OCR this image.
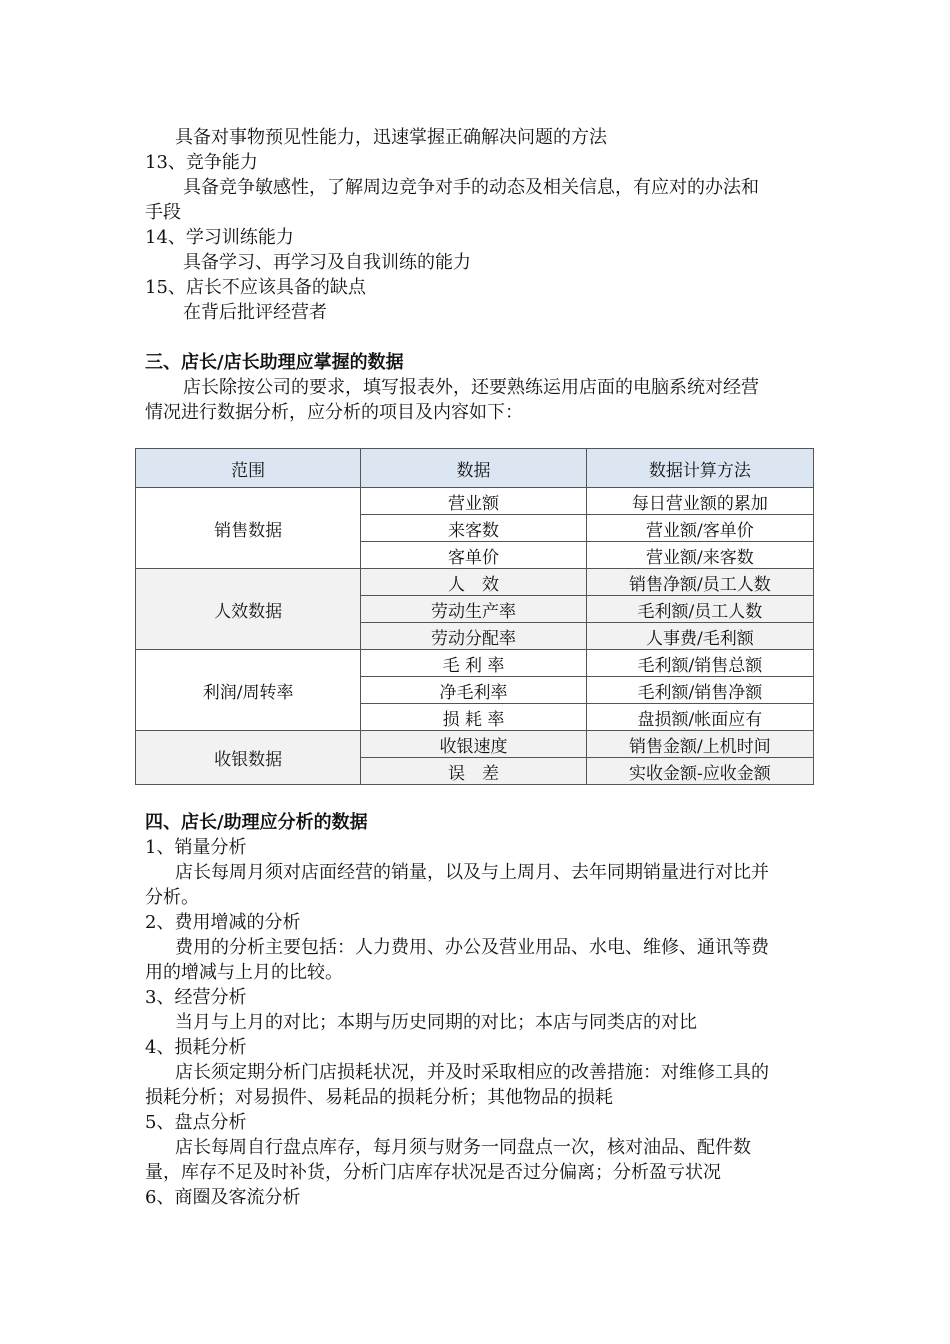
具备对事物预见性能力，迅速掌握正确解决问题的方法
13、竞争能力
具备竞争敏感性，了解周边竞争对手的动态及相关信息，有应对的办法和
手段
14、学习训练能力
具备学习、再学习及自我训练的能力
15、店长不应该具备的缺点
在背后批评经营者
三、店长/店长助理应掌握的数据
店长除按公司的要求，填写报表外，还要熟练运用店面的电脑系统对经营
情况进行数据分析，应分析的项目及内容如下：
范围	数据	数据计算方法
销售数据	营业额	每日营业额的累加
	来客数	营业额/客单价
	客单价	营业额/来客数
人效数据	人　效	销售净额/员工人数
	劳动生产率	毛利额/员工人数
	劳动分配率	人事费/毛利额
利润/周转率	毛 利 率	毛利额/销售总额
	净毛利率	毛利额/销售净额
	损 耗 率	盘损额/帐面应有
收银数据	收银速度	销售金额/上机时间
	误　差	实收金额-应收金额
四、店长/助理应分析的数据
1、销量分析
店长每周月须对店面经营的销量，以及与上周月、去年同期销量进行对比并
分析。
2、费用增减的分析
费用的分析主要包括：人力费用、办公及营业用品、水电、维修、通讯等费
用的增减与上月的比较。
3、经营分析
当月与上月的对比；本期与历史同期的对比；本店与同类店的对比
4、损耗分析
店长须定期分析门店损耗状况，并及时采取相应的改善措施：对维修工具的
损耗分析；对易损件、易耗品的损耗分析；其他物品的损耗
5、盘点分析
店长每周自行盘点库存，每月须与财务一同盘点一次，核对油品、配件数
量，库存不足及时补货，分析门店库存状况是否过分偏离；分析盈亏状况
6、商圈及客流分析
